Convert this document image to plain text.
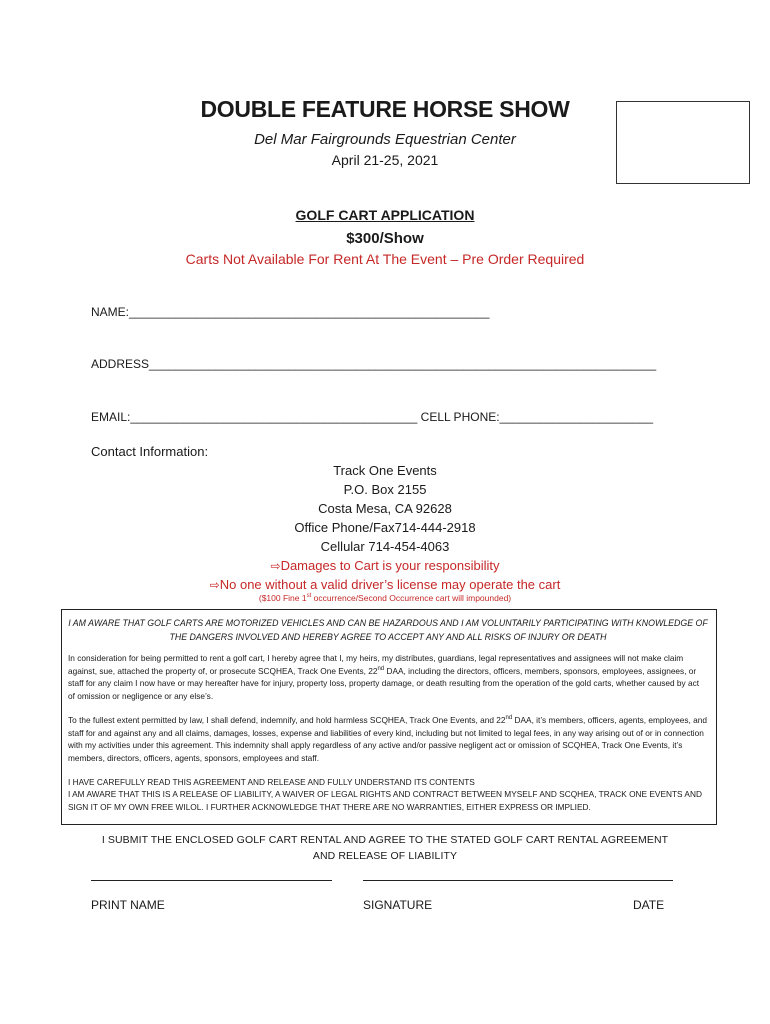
DOUBLE FEATURE HORSE SHOW
Del Mar Fairgrounds Equestrian Center
April 21-25, 2021
GOLF CART APPLICATION
$300/Show
Carts Not Available For Rent At The Event – Pre Order Required
NAME:______________________________________________________
ADDRESS____________________________________________________________________________
EMAIL:___________________________________________ CELL PHONE:_______________________
Contact Information:
Track One Events
P.O. Box 2155
Costa Mesa, CA 92628
Office Phone/Fax714-444-2918
Cellular 714-454-4063
⇨Damages to Cart is your responsibility
⇨No one without a valid driver’s license may operate the cart
($100 Fine 1st occurrence/Second Occurrence cart will impounded)

I AM AWARE THAT GOLF CARTS ARE MOTORIZED VEHICLES AND CAN BE HAZARDOUS AND I AM VOLUNTARILY PARTICIPATING WITH KNOWLEDGE OF THE DANGERS INVOLVED AND HEREBY AGREE TO ACCEPT ANY AND ALL RISKS OF INJURY OR DEATH

In consideration for being permitted to rent a golf cart, I hereby agree that I, my heirs, my distributes, guardians, legal representatives and assignees will not make claim against, sue, attached the property of, or prosecute SCQHEA, Track One Events, 22nd DAA, including the directors, officers, members, sponsors, employees, assignees, or staff for any claim I now have or may hereafter have for injury, property loss, property damage, or death resulting from the operation of the gold carts, whether caused by act of omission or negligence or any else’s.

To the fullest extent permitted by law, I shall defend, indemnify, and hold harmless SCQHEA, Track One Events, and 22nd DAA, it’s members, officers, agents, employees, and staff for and against any and all claims, damages, losses, expense and liabilities of every kind, including but not limited to legal fees, in any way arising out of or in connection with my activities under this agreement. This indemnity shall apply regardless of any active and/or passive negligent act or omission of SCQHEA, Track One Events, it’s members, directors, officers, agents, sponsors, employees and staff.

I HAVE CAREFULLY READ THIS AGREEMENT AND RELEASE AND FULLY UNDERSTAND ITS CONTENTS

I AM AWARE THAT THIS IS A RELEASE OF LIABILITY, A WAIVER OF LEGAL RIGHTS AND CONTRACT BETWEEN MYSELF AND SCQHEA, TRACK ONE EVENTS AND SIGN IT OF MY OWN FREE WILOL. I FURTHER ACKNOWLEDGE THAT THERE ARE NO WARRANTIES, EITHER EXPRESS OR IMPLIED.

I SUBMIT THE ENCLOSED GOLF CART RENTAL AND AGREE TO THE STATED GOLF CART RENTAL AGREEMENT
AND RELEASE OF LIABILITY
PRINT NAME	SIGNATURE	DATE
